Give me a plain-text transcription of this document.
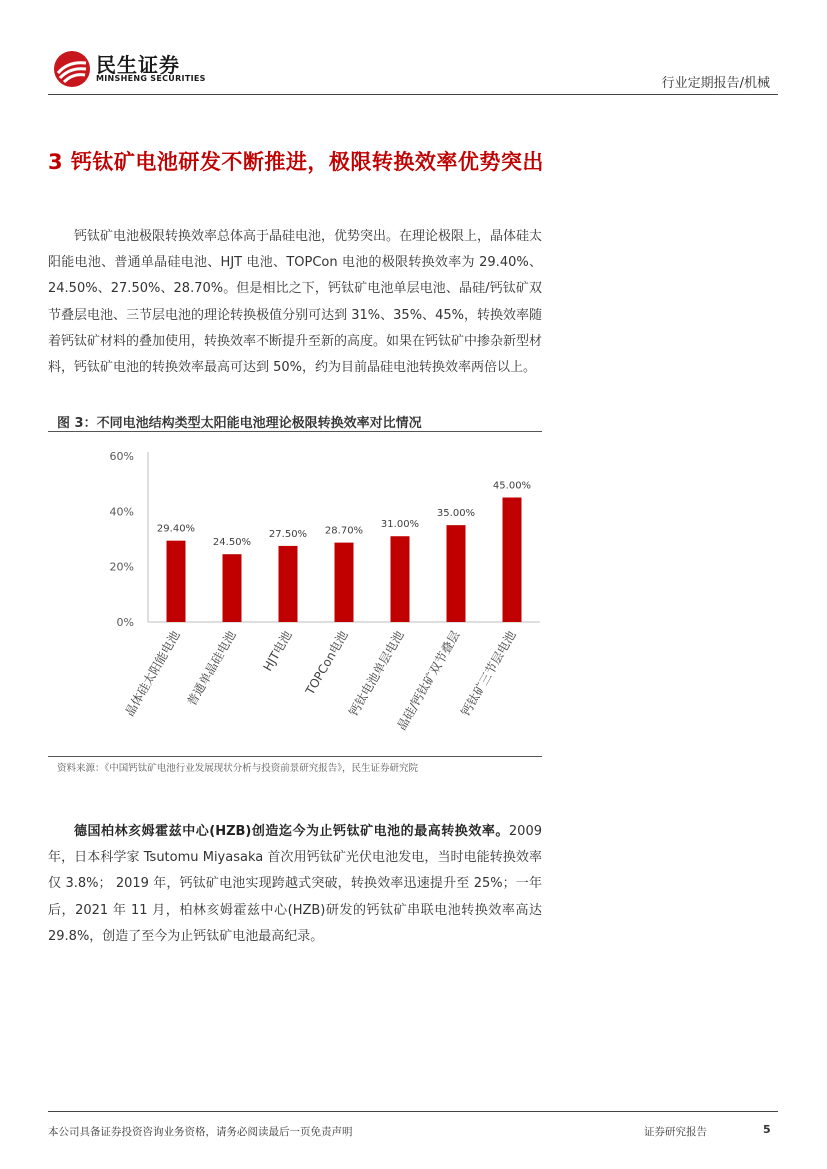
民生证券
MINSHENG SECURITIES	行业定期报告/机械
3 钙钛矿电池研发不断推进，极限转换效率优势突出
钙钛矿电池极限转换效率总体高于晶硅电池，优势突出。在理论极限上，晶体硅太阳能电池、普通单晶硅电池、HJT 电池、TOPCon 电池的极限转换效率为 29.40%、24.50%、27.50%、28.70%。但是相比之下，钙钛矿电池单层电池、晶硅/钙钛矿双节叠层电池、三节层电池的理论转换极值分别可达到 31%、35%、45%，转换效率随着钙钛矿材料的叠加使用，转换效率不断提升至新的高度。如果在钙钛矿中掺杂新型材料，钙钛矿电池的转换效率最高可达到 50%，约为目前晶硅电池转换效率两倍以上。
图 3：不同电池结构类型太阳能电池理论极限转换效率对比情况
0%
20%
40%
60%
29.40%
晶体硅太阳能电池
24.50%
普通单晶硅电池
27.50%
HJT电池
28.70%
TOPCon电池
31.00%
钙钛电池单层电池
35.00%
晶硅/钙钛矿双节叠层
45.00%
钙钛矿三节层电池
资料来源：《中国钙钛矿电池行业发展现状分析与投资前景研究报告》，民生证券研究院
德国柏林亥姆霍兹中心(HZB)创造迄今为止钙钛矿电池的最高转换效率。2009 年，日本科学家 Tsutomu Miyasaka 首次用钙钛矿光伏电池发电，当时电能转换效率仅 3.8%； 2019 年，钙钛矿电池实现跨越式突破，转换效率迅速提升至 25%；一年后，2021 年 11 月，柏林亥姆霍兹中心(HZB)研发的钙钛矿串联电池转换效率高达 29.8%，创造了至今为止钙钛矿电池最高纪录。
本公司具备证券投资咨询业务资格，请务必阅读最后一页免责声明	证券研究报告	5
